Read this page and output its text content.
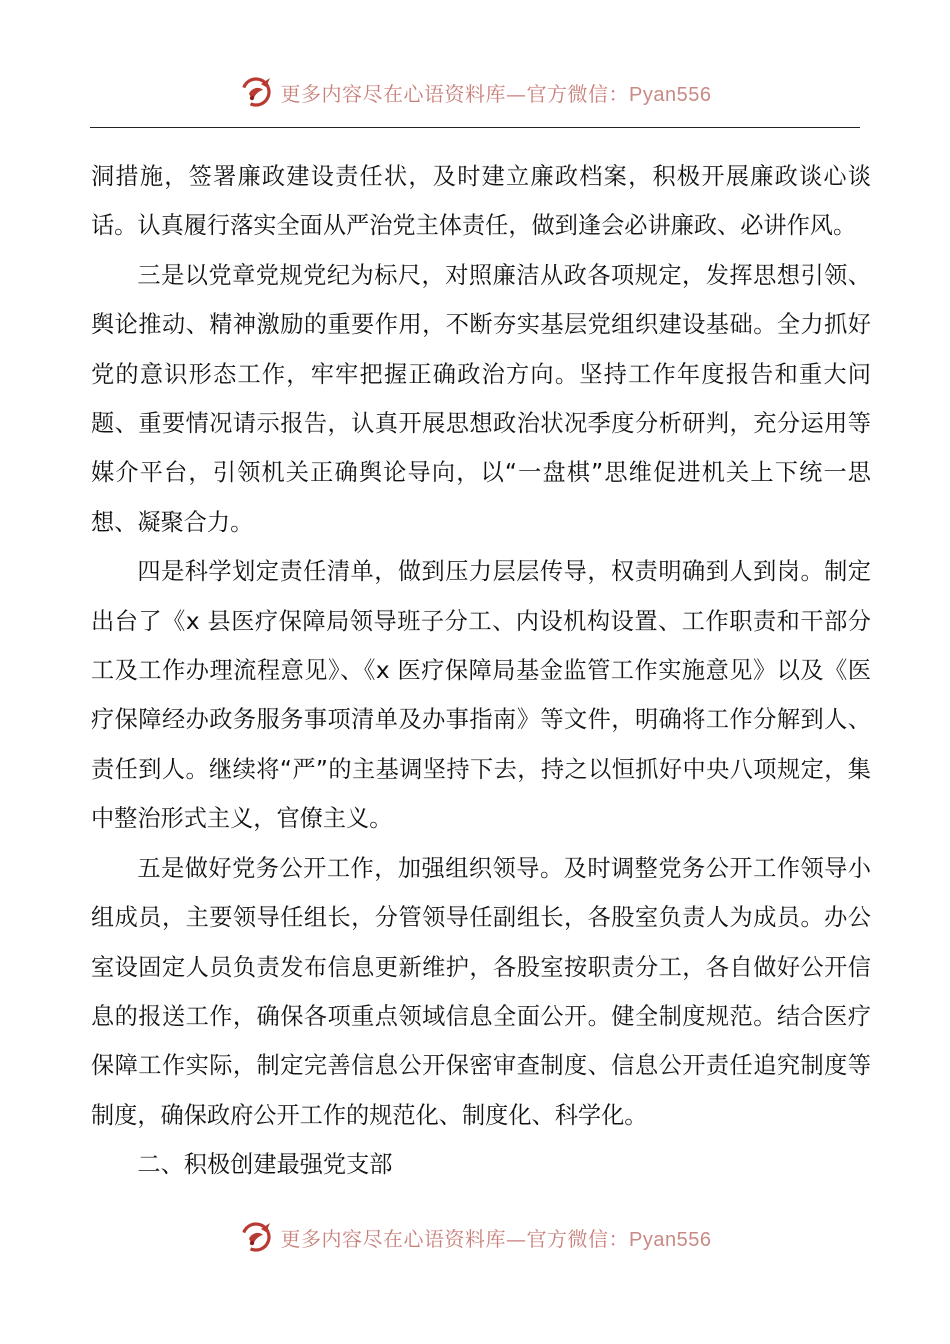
更多内容尽在心语资料库—官方微信：Pyan556

洞措施，签署廉政建设责任状，及时建立廉政档案，积极开展廉政谈心谈话。认真履行落实全面从严治党主体责任，做到逢会必讲廉政、必讲作风。

三是以党章党规党纪为标尺，对照廉洁从政各项规定，发挥思想引领、舆论推动、精神激励的重要作用，不断夯实基层党组织建设基础。全力抓好党的意识形态工作，牢牢把握正确政治方向。坚持工作年度报告和重大问题、重要情况请示报告，认真开展思想政治状况季度分析研判，充分运用等媒介平台，引领机关正确舆论导向，以“一盘棋”思维促进机关上下统一思想、凝聚合力。

四是科学划定责任清单，做到压力层层传导，权责明确到人到岗。制定出台了《x 县医疗保障局领导班子分工、内设机构设置、工作职责和干部分工及工作办理流程意见》、《x 医疗保障局基金监管工作实施意见》以及《医疗保障经办政务服务事项清单及办事指南》等文件，明确将工作分解到人、责任到人。继续将“严”的主基调坚持下去，持之以恒抓好中央八项规定，集中整治形式主义，官僚主义。

五是做好党务公开工作，加强组织领导。及时调整党务公开工作领导小组成员，主要领导任组长，分管领导任副组长，各股室负责人为成员。办公室设固定人员负责发布信息更新维护，各股室按职责分工，各自做好公开信息的报送工作，确保各项重点领域信息全面公开。健全制度规范。结合医疗保障工作实际，制定完善信息公开保密审查制度、信息公开责任追究制度等制度，确保政府公开工作的规范化、制度化、科学化。

二、积极创建最强党支部

更多内容尽在心语资料库—官方微信：Pyan556
